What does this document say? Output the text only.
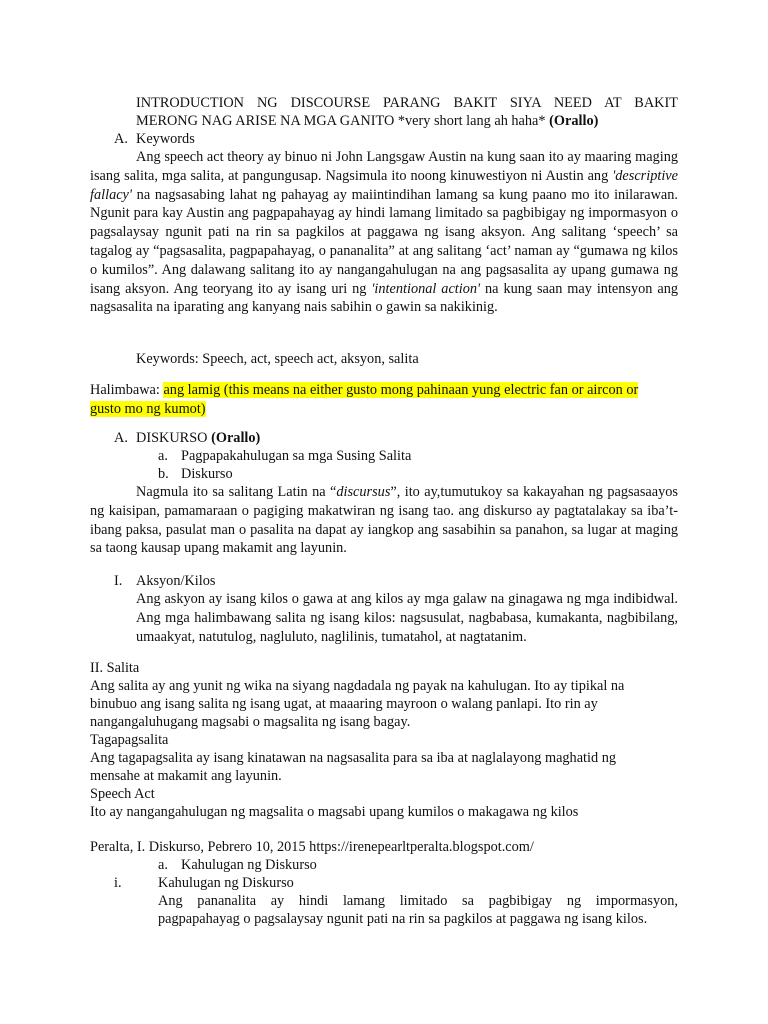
INTRODUCTION NG DISCOURSE PARANG BAKIT SIYA NEED AT BAKIT
MERONG NAG ARISE NA MGA GANITO *very short lang ah haha* (Orallo)
A. Keywords
Ang speech act theory ay binuo ni John Langsgaw Austin na kung saan ito ay maaring maging isang salita, mga salita, at pangungusap. Nagsimula ito noong kinuwestiyon ni Austin ang 'descriptive fallacy' na nagsasabing lahat ng pahayag ay maiintindihan lamang sa kung paano mo ito inilarawan. Ngunit para kay Austin ang pagpapahayag ay hindi lamang limitado sa pagbibigay ng impormasyon o pagsalaysay ngunit pati na rin sa pagkilos at paggawa ng isang aksyon. Ang salitang ‘speech’ sa tagalog ay “pagsasalita, pagpapahayag, o pananalita” at ang salitang ‘act’ naman ay “gumawa ng kilos o kumilos”. Ang dalawang salitang ito ay nangangahulugan na ang pagsasalita ay upang gumawa ng isang aksyon. Ang teoryang ito ay isang uri ng 'intentional action' na kung saan may intensyon ang nagsasalita na iparating ang kanyang nais sabihin o gawin sa nakikinig.
Keywords: Speech, act, speech act, aksyon, salita
Halimbawa: ang lamig (this means na either gusto mong pahinaan yung electric fan or aircon or
gusto mo ng kumot)
A. DISKURSO (Orallo)
a. Pagpapakahulugan sa mga Susing Salita
b. Diskurso
Nagmula ito sa salitang Latin na “discursus”, ito ay,tumutukoy sa kakayahan ng pagsasaayos ng kaisipan, pamamaraan o pagiging makatwiran ng isang tao. ang diskurso ay pagtatalakay sa iba’t-ibang paksa, pasulat man o pasalita na dapat ay iangkop ang sasabihin sa panahon, sa lugar at maging sa taong kausap upang makamit ang layunin.
I. Aksyon/Kilos
Ang askyon ay isang kilos o gawa at ang kilos ay mga galaw na ginagawa ng mga indibidwal. Ang mga halimbawang salita ng isang kilos: nagsusulat, nagbabasa, kumakanta, nagbibilang, umaakyat, natutulog, nagluluto, naglilinis, tumatahol, at nagtatanim.
II. Salita
Ang salita ay ang yunit ng wika na siyang nagdadala ng payak na kahulugan. Ito ay tipikal na
binubuo ang isang salita ng isang ugat, at maaaring mayroon o walang panlapi. Ito rin ay
nangangaluhugang magsabi o magsalita ng isang bagay.
Tagapagsalita
Ang tagapagsalita ay isang kinatawan na nagsasalita para sa iba at naglalayong maghatid ng
mensahe at makamit ang layunin.
Speech Act
Ito ay nangangahulugan ng magsalita o magsabi upang kumilos o makagawa ng kilos
Peralta, I. Diskurso, Pebrero 10, 2015 https://irenepearltperalta.blogspot.com/
a. Kahulugan ng Diskurso
i.	Kahulugan ng Diskurso
Ang pananalita ay hindi lamang limitado sa pagbibigay ng impormasyon,
pagpapahayag o pagsalaysay ngunit pati na rin sa pagkilos at paggawa ng isang kilos.
